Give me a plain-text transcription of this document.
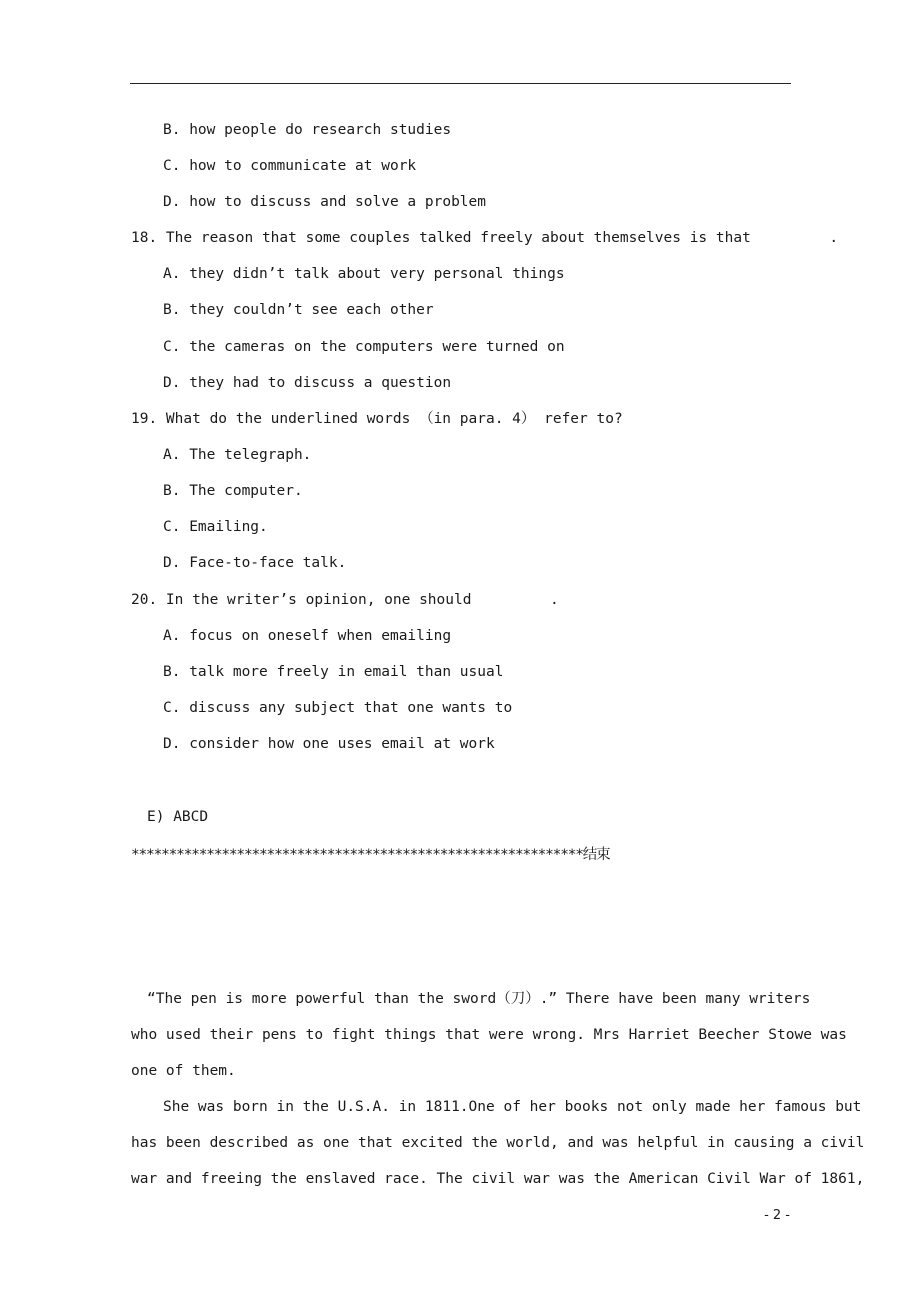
B. how people do research studies
C. how to communicate at work
D. how to discuss and solve a problem
18. The reason that some couples talked freely about themselves is that         .
A. they didn’t talk about very personal things
B. they couldn’t see each other
C. the cameras on the computers were turned on
D. they had to discuss a question
19. What do the underlined words （in para. 4） refer to?
A. The telegraph.
B. The computer.
C. Emailing.
D. Face-to-face talk.
20. In the writer’s opinion, one should         .
A. focus on oneself when emailing
B. talk more freely in email than usual
C. discuss any subject that one wants to
D. consider how one uses email at work
E) ABCD
************************************************************结束
“The pen is more powerful than the sword（刀）.” There have been many writers
who used their pens to fight things that were wrong. Mrs Harriet Beecher Stowe was
one of them.
She was born in the U.S.A. in 1811.One of her books not only made her famous but
has been described as one that excited the world, and was helpful in causing a civil
war and freeing the enslaved race. The civil war was the American Civil War of 1861,
- 2 -
